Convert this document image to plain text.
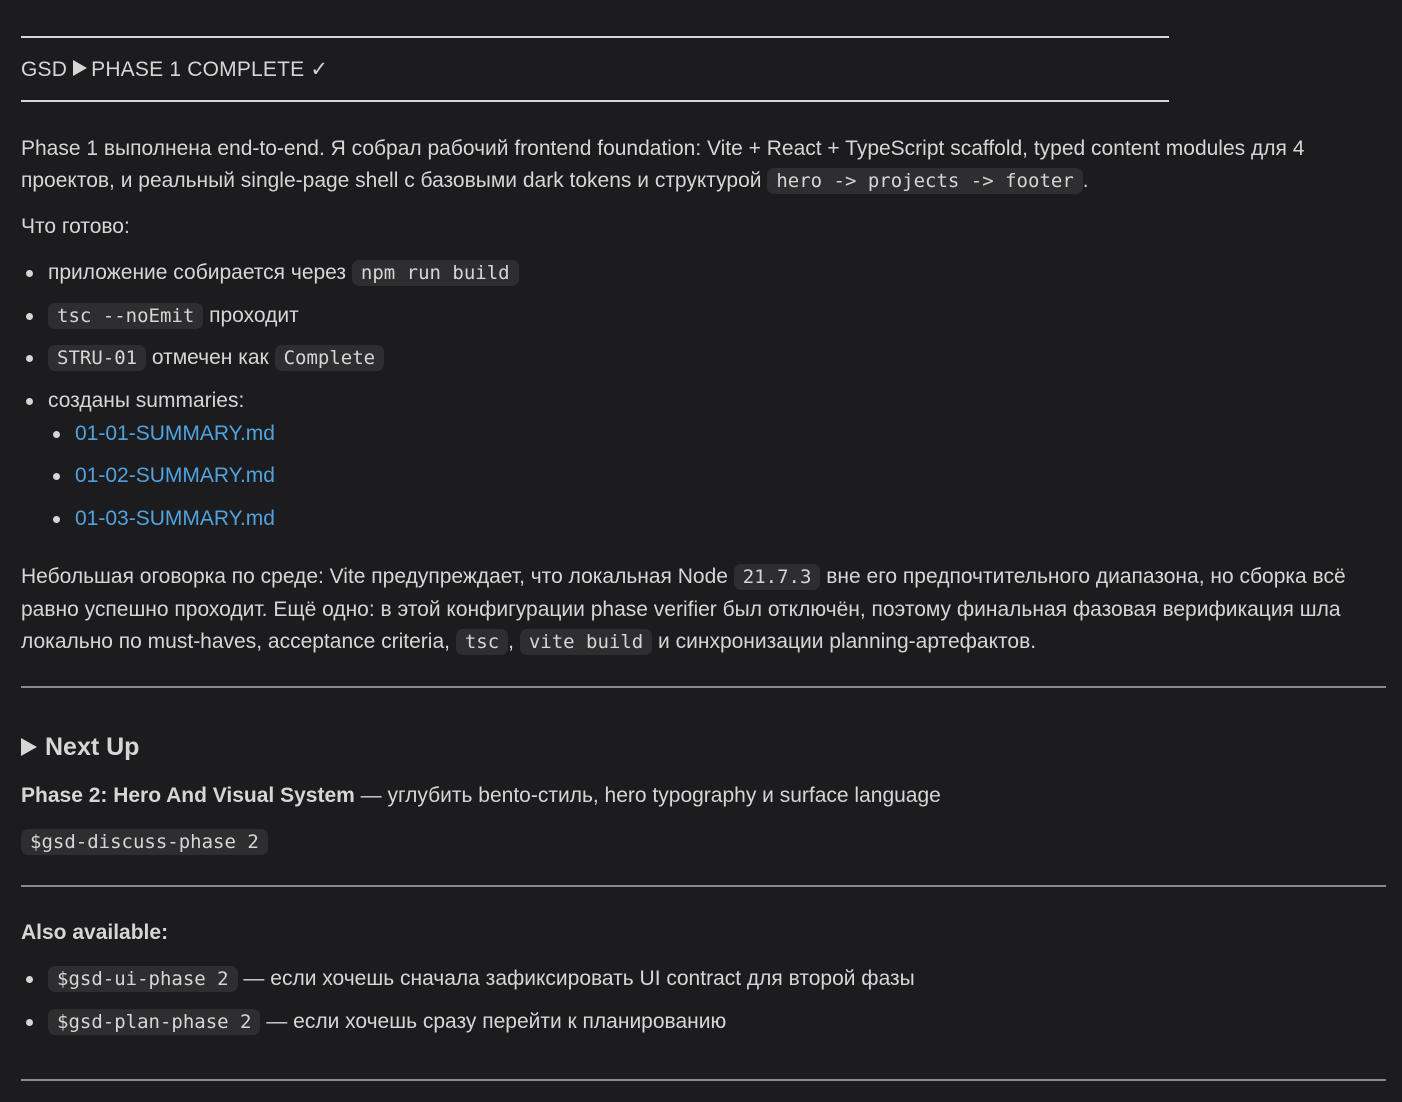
GSD PHASE 1 COMPLETE ✓
Phase 1 выполнена end-to-end. Я собрал рабочий frontend foundation: Vite + React + TypeScript scaffold, typed content modules для 4 проектов, и реальный single-page shell с базовыми dark tokens и структурой hero -> projects -> footer .
Что готово:
приложение собирается через npm run build
tsc --noEmit проходит
STRU-01 отмечен как Complete
созданы summaries:
01-01-SUMMARY.md
01-02-SUMMARY.md
01-03-SUMMARY.md
Небольшая оговорка по среде: Vite предупреждает, что локальная Node 21.7.3 вне его предпочтительного диапазона, но сборка всё равно успешно проходит. Ещё одно: в этой конфигурации phase verifier был отключён, поэтому финальная фазовая верификация шла локально по must-haves, acceptance criteria, tsc , vite build и синхронизации planning-артефактов.
Next Up
Phase 2: Hero And Visual System — углубить bento-стиль, hero typography и surface language
$gsd-discuss-phase 2
Also available:
$gsd-ui-phase 2 — если хочешь сначала зафиксировать UI contract для второй фазы
$gsd-plan-phase 2 — если хочешь сразу перейти к планированию
